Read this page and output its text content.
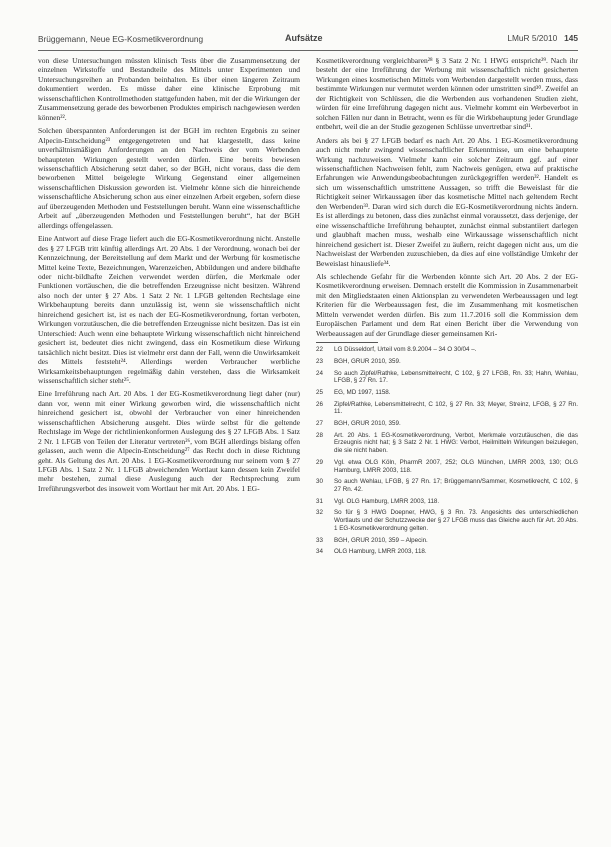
Brüggemann, Neue EG-Kosmetikverordnung	Aufsätze	LMuR 5/2010 145

von diese Untersuchungen müssten klinisch Tests über die Zusammensetzung der einzelnen Wirkstoffe und Bestandteile des Mittels unter Experimenten und Untersuchungsreihen an Probanden beinhalten. Es über einen längeren Zeitraum dokumentiert werden. Es müsse daher eine klinische Erprobung mit wissenschaftlichen Kontrollmethoden stattgefunden haben, mit der die Wirkungen der Zusammensetzung gerade des beworbenen Produktes empirisch nachgewiesen werden können²².

Solchen überspannten Anforderungen ist der BGH im rechten Ergebnis zu seiner Alpecin-Entscheidung²³ entgegengetreten und hat klargestellt, dass keine unverhältnismäßigen Anforderungen an den Nachweis der vom Werbenden behaupteten Wirkungen gestellt werden dürfen. Eine bereits bewiesen wissenschaftlich Absicherung setzt daher, so der BGH, nicht voraus, dass die dem beworbenen Mittel beigelegte Wirkung Gegenstand einer allgemeinen wissenschaftlichen Diskussion geworden ist. Vielmehr könne sich die hinreichende wissenschaftliche Absicherung schon aus einer einzelnen Arbeit ergeben, sofern diese auf überzeugenden Methoden und Feststellungen beruht. Wann eine wissenschaftliche Arbeit auf „überzeugenden Methoden und Feststellungen beruht“, hat der BGH allerdings offengelassen.

Eine Antwort auf diese Frage liefert auch die EG-Kosmetikverordnung nicht. Anstelle des § 27 LFGB tritt künftig allerdings Art. 20 Abs. 1 der Verordnung, wonach bei der Kennzeichnung, der Bereitstellung auf dem Markt und der Werbung für kosmetische Mittel keine Texte, Bezeichnungen, Warenzeichen, Abbildungen und andere bildhafte oder nicht-bildhafte Zeichen verwendet werden dürfen, die Merkmale oder Funktionen vortäuschen, die die betreffenden Erzeugnisse nicht besitzen. Während also noch der unter § 27 Abs. 1 Satz 2 Nr. 1 LFGB geltenden Rechtslage eine Wirkbehauptung bereits dann unzulässig ist, wenn sie wissenschaftlich nicht hinreichend gesichert ist, ist es nach der EG-Kosmetikverordnung, fortan verboten, Wirkungen vorzutäuschen, die die betreffenden Erzeugnisse nicht besitzen. Das ist ein Unterschied: Auch wenn eine behauptete Wirkung wissenschaftlich nicht hinreichend gesichert ist, bedeutet dies nicht zwingend, dass ein Kosmetikum diese Wirkung tatsächlich nicht besitzt. Dies ist vielmehr erst dann der Fall, wenn die Unwirksamkeit des Mittels feststeht²⁴. Allerdings werden Verbraucher werbliche Wirksamkeitsbehauptungen regelmäßig dahin verstehen, dass die Wirksamkeit wissenschaftlich sicher steht²⁵.

Eine Irreführung nach Art. 20 Abs. 1 der EG-Kosmetikverordnung liegt daher (nur) dann vor, wenn mit einer Wirkung geworben wird, die wissenschaftlich nicht hinreichend gesichert ist, obwohl der Verbraucher von einer hinreichenden wissenschaftlichen Absicherung ausgeht. Dies würde selbst für die geltende Rechtslage im Wege der richtlinienkonformen Auslegung des § 27 LFGB Abs. 1 Satz 2 Nr. 1 LFGB von Teilen der Literatur vertreten²⁶, vom BGH allerdings bislang offen gelassen, auch wenn die Alpecin-Entscheidung²⁷ das Recht doch in diese Richtung geht. Als Geltung des Art. 20 Abs. 1 EG-Kosmetikverordnung nur seinem vom § 27 LFGB Abs. 1 Satz 2 Nr. 1 LFGB abweichenden Wortlaut kann dessen kein Zweifel mehr bestehen, zumal diese Auslegung auch der Rechtsprechung zum Irreführungsverbot des insoweit vom Wortlaut her mit Art. 20 Abs. 1 EG-

Kosmetikverordnung vergleichbaren²⁸ § 3 Satz 2 Nr. 1 HWG entspricht²⁹. Nach ihr besteht der eine Irreführung der Werbung mit wissenschaftlich nicht gesicherten Wirkungen eines kosmetischen Mittels vom Werbenden dargestellt werden muss, dass bestimmte Wirkungen nur vermutet werden können oder umstritten sind³⁰. Zweifel an der Richtigkeit von Schlüssen, die die Werbenden aus vorhandenen Studien zieht, würden für eine Irreführung dagegen nicht aus. Vielmehr kommt ein Werbeverbot in solchen Fällen nur dann in Betracht, wenn es für die Wirkbehauptung jeder Grundlage entbehrt, weil die an der Studie gezogenen Schlüsse unvertretbar sind³¹.

Anders als bei § 27 LFGB bedarf es nach Art. 20 Abs. 1 EG-Kosmetikverordnung auch nicht mehr zwingend wissenschaftlicher Erkenntnisse, um eine behauptete Wirkung nachzuweisen. Vielmehr kann ein solcher Zeitraum ggf. auf einer wissenschaftlichen Nachweisen fehlt, zum Nachweis genügen, etwa auf praktische Erfahrungen wie Anwendungsbeobachtungen zurückgegriffen werden³². Handelt es sich um wissenschaftlich umstrittene Aussagen, so trifft die Beweislast für die Richtigkeit seiner Wirkaussagen über das kosmetische Mittel nach geltendem Recht den Werbenden³³. Daran wird sich durch die EG-Kosmetikverordnung nichts ändern. Es ist allerdings zu betonen, dass dies zunächst einmal voraussetzt, dass derjenige, der eine wissenschaftliche Irreführung behauptet, zunächst einmal substantiiert darlegen und glaubhaft machen muss, weshalb eine Wirkaussage wissenschaftlich nicht hinreichend gesichert ist. Dieser Zweifel zu äußern, reicht dagegen nicht aus, um die Nachweislast der Werbenden zuzuschieben, da dies auf eine vollständige Umkehr der Beweislast hinausliefe³⁴.

Als schlechende Gefahr für die Werbenden könnte sich Art. 20 Abs. 2 der EG-Kosmetikverordnung erweisen. Demnach erstellt die Kommission in Zusammenarbeit mit den Mitgliedstaaten einen Aktionsplan zu verwendeten Werbeaussagen und legt Kriterien für die Werbeaussagen fest, die im Zusammenhang mit kosmetischen Mitteln verwendet werden dürfen. Bis zum 11.7.2016 soll die Kommission dem Europäischen Parlament und dem Rat einen Bericht über die Verwendung von Werbeaussagen auf der Grundlage dieser gemeinsamen Kri-

22 LG Düsseldorf, Urteil vom 8.9.2004 – 34 O 30/04 –.

23 BGH, GRUR 2010, 359.

24 So auch Zipfel/Rathke, Lebensmittelrecht, C 102, § 27 LFGB, Rn. 33; Hahn, Wehlau, LFGB, § 27 Rn. 17.

25 EG, MD 1997, 1158.

26 Zipfel/Rathke, Lebensmittelrecht, C 102, § 27 Rn. 33; Meyer, Streinz, LFGB, § 27 Rn. 11.

27 BGH, GRUR 2010, 359.

28 Art. 20 Abs. 1 EG-Kosmetikverordnung, Verbot, Merkmale vorzutäuschen, die das Erzeugnis nicht hat; § 3 Satz 2 Nr. 1 HWG: Verbot, Heilmitteln Wirkungen beizulegen, die sie nicht haben.

29 Vgl. etwa OLG Köln, PharmR 2007, 252; OLG München, LMRR 2003, 130; OLG Hamburg, LMRR 2003, 118.

30 So auch Wehlau, LFGB, § 27 Rn. 17; Brüggemann/Sammer, Kosmetikrecht, C 102, § 27 Rn. 42.

31 Vgl. OLG Hamburg, LMRR 2003, 118.

32 So für § 3 HWG Doepner, HWG, § 3 Rn. 73. Angesichts des unterschiedlichen Wortlauts und der Schutzzwecke der § 27 LFGB muss das Gleiche auch für Art. 20 Abs. 1 EG-Kosmetikverordnung gelten.

33 BGH, GRUR 2010, 359 – Alpecin.

34 OLG Hamburg, LMRR 2003, 118.
